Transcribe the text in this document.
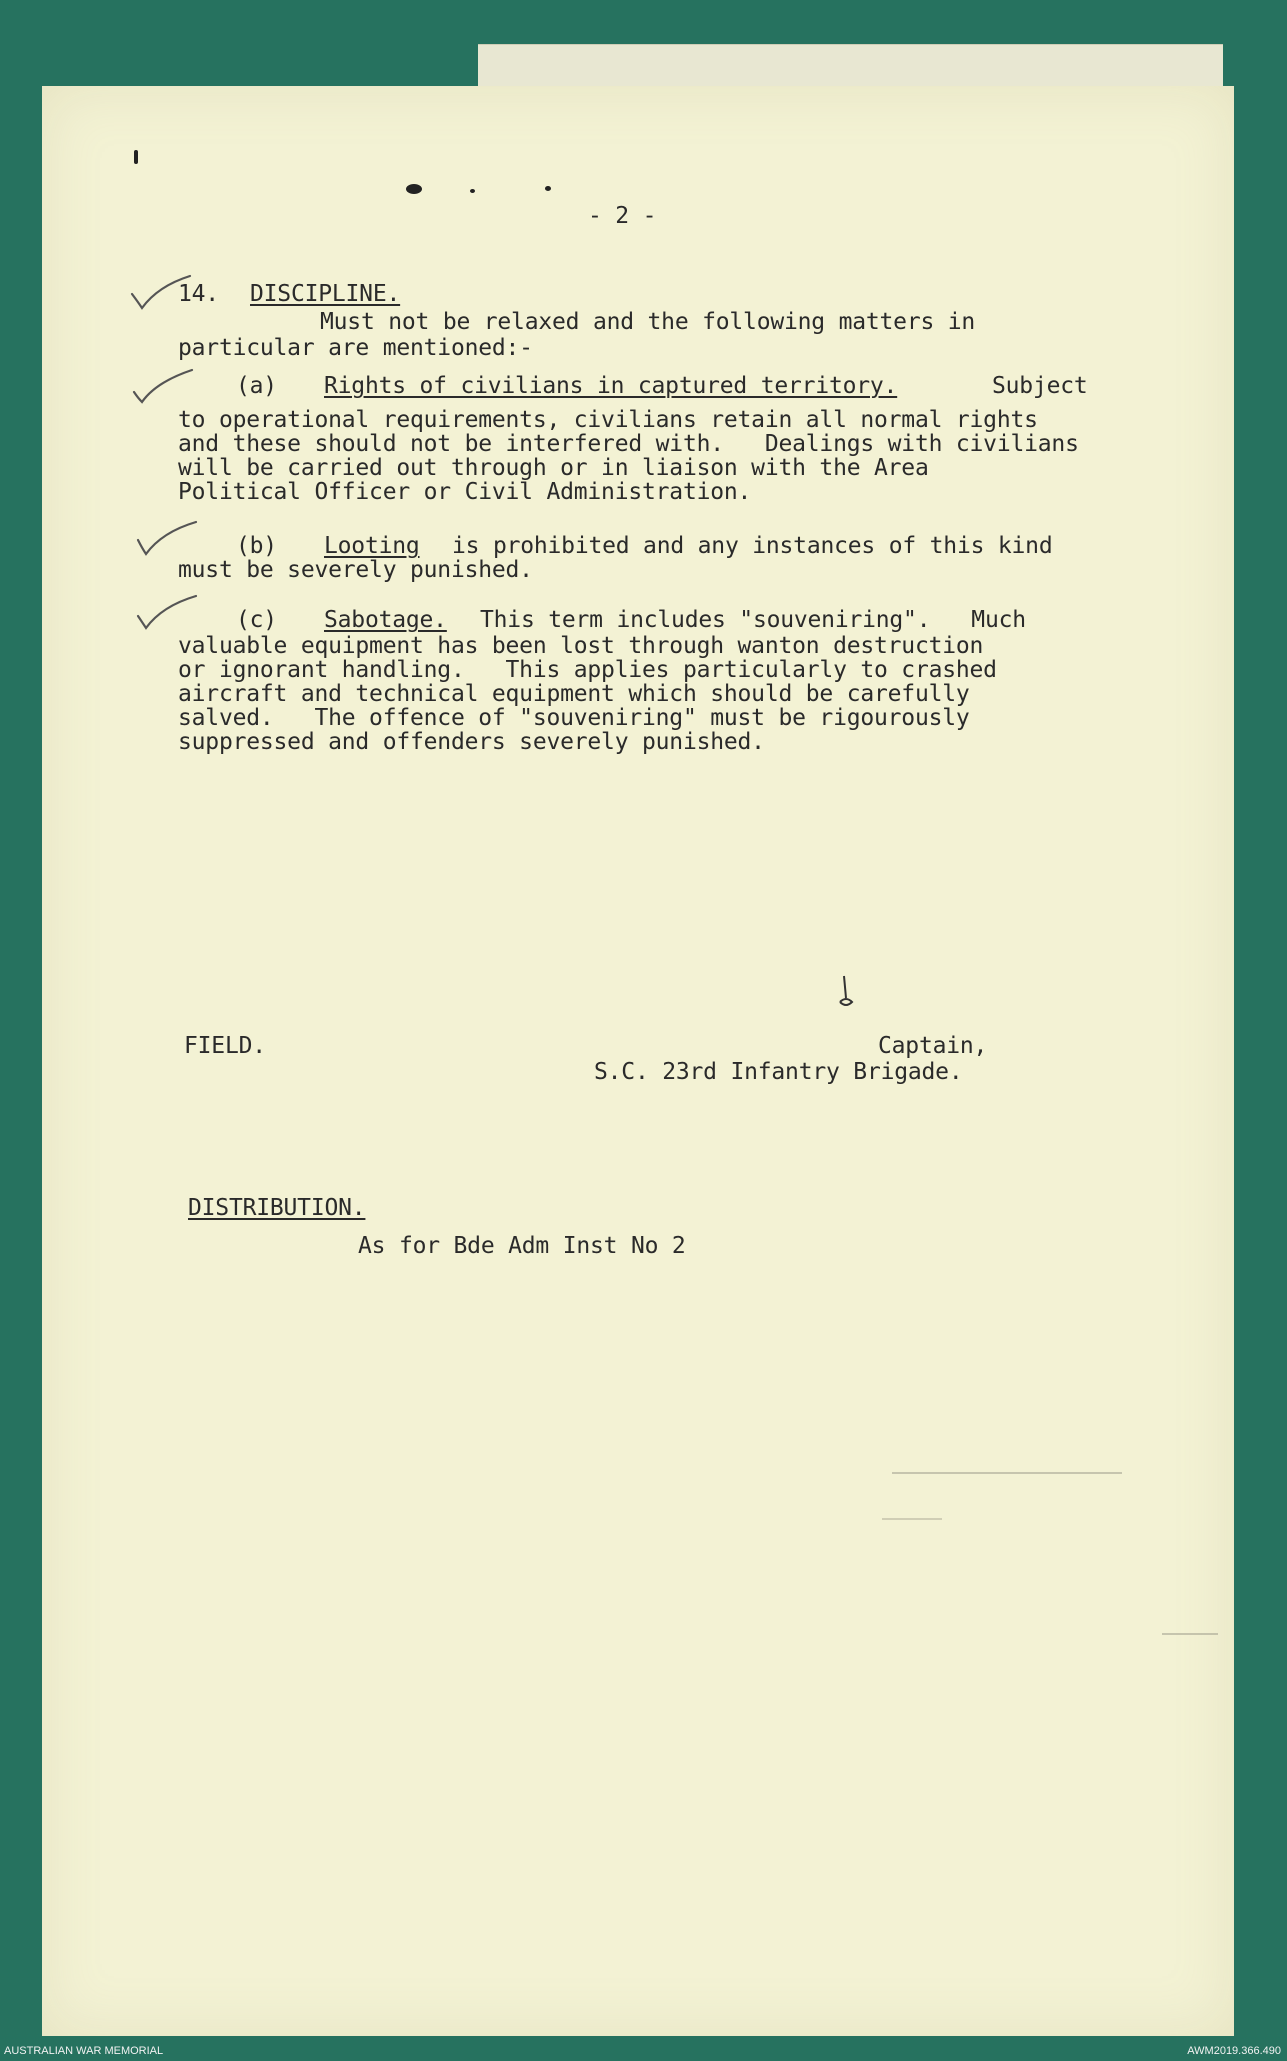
- 2 -

14. DISCIPLINE.

Must not be relaxed and the following matters in

particular are mentioned:-

(a) Rights of civilians in captured territory.	Subject

to operational requirements, civilians retain all normal rights

and these should not be interfered with.   Dealings with civilians

will be carried out through or in liaison with the Area

Political Officer or Civil Administration.

(b) Looting is prohibited and any instances of this kind

must be severely punished.

(c) Sabotage. This term includes "souveniring".   Much

valuable equipment has been lost through wanton destruction

or ignorant handling.   This applies particularly to crashed

aircraft and technical equipment which should be carefully

salved.   The offence of "souveniring" must be rigourously

suppressed and offenders severely punished.

FIELD.	Captain,

S.C. 23rd Infantry Brigade.

DISTRIBUTION.

As for Bde Adm Inst No 2

AUSTRALIAN WAR MEMORIAL	AWM2019.366.490
